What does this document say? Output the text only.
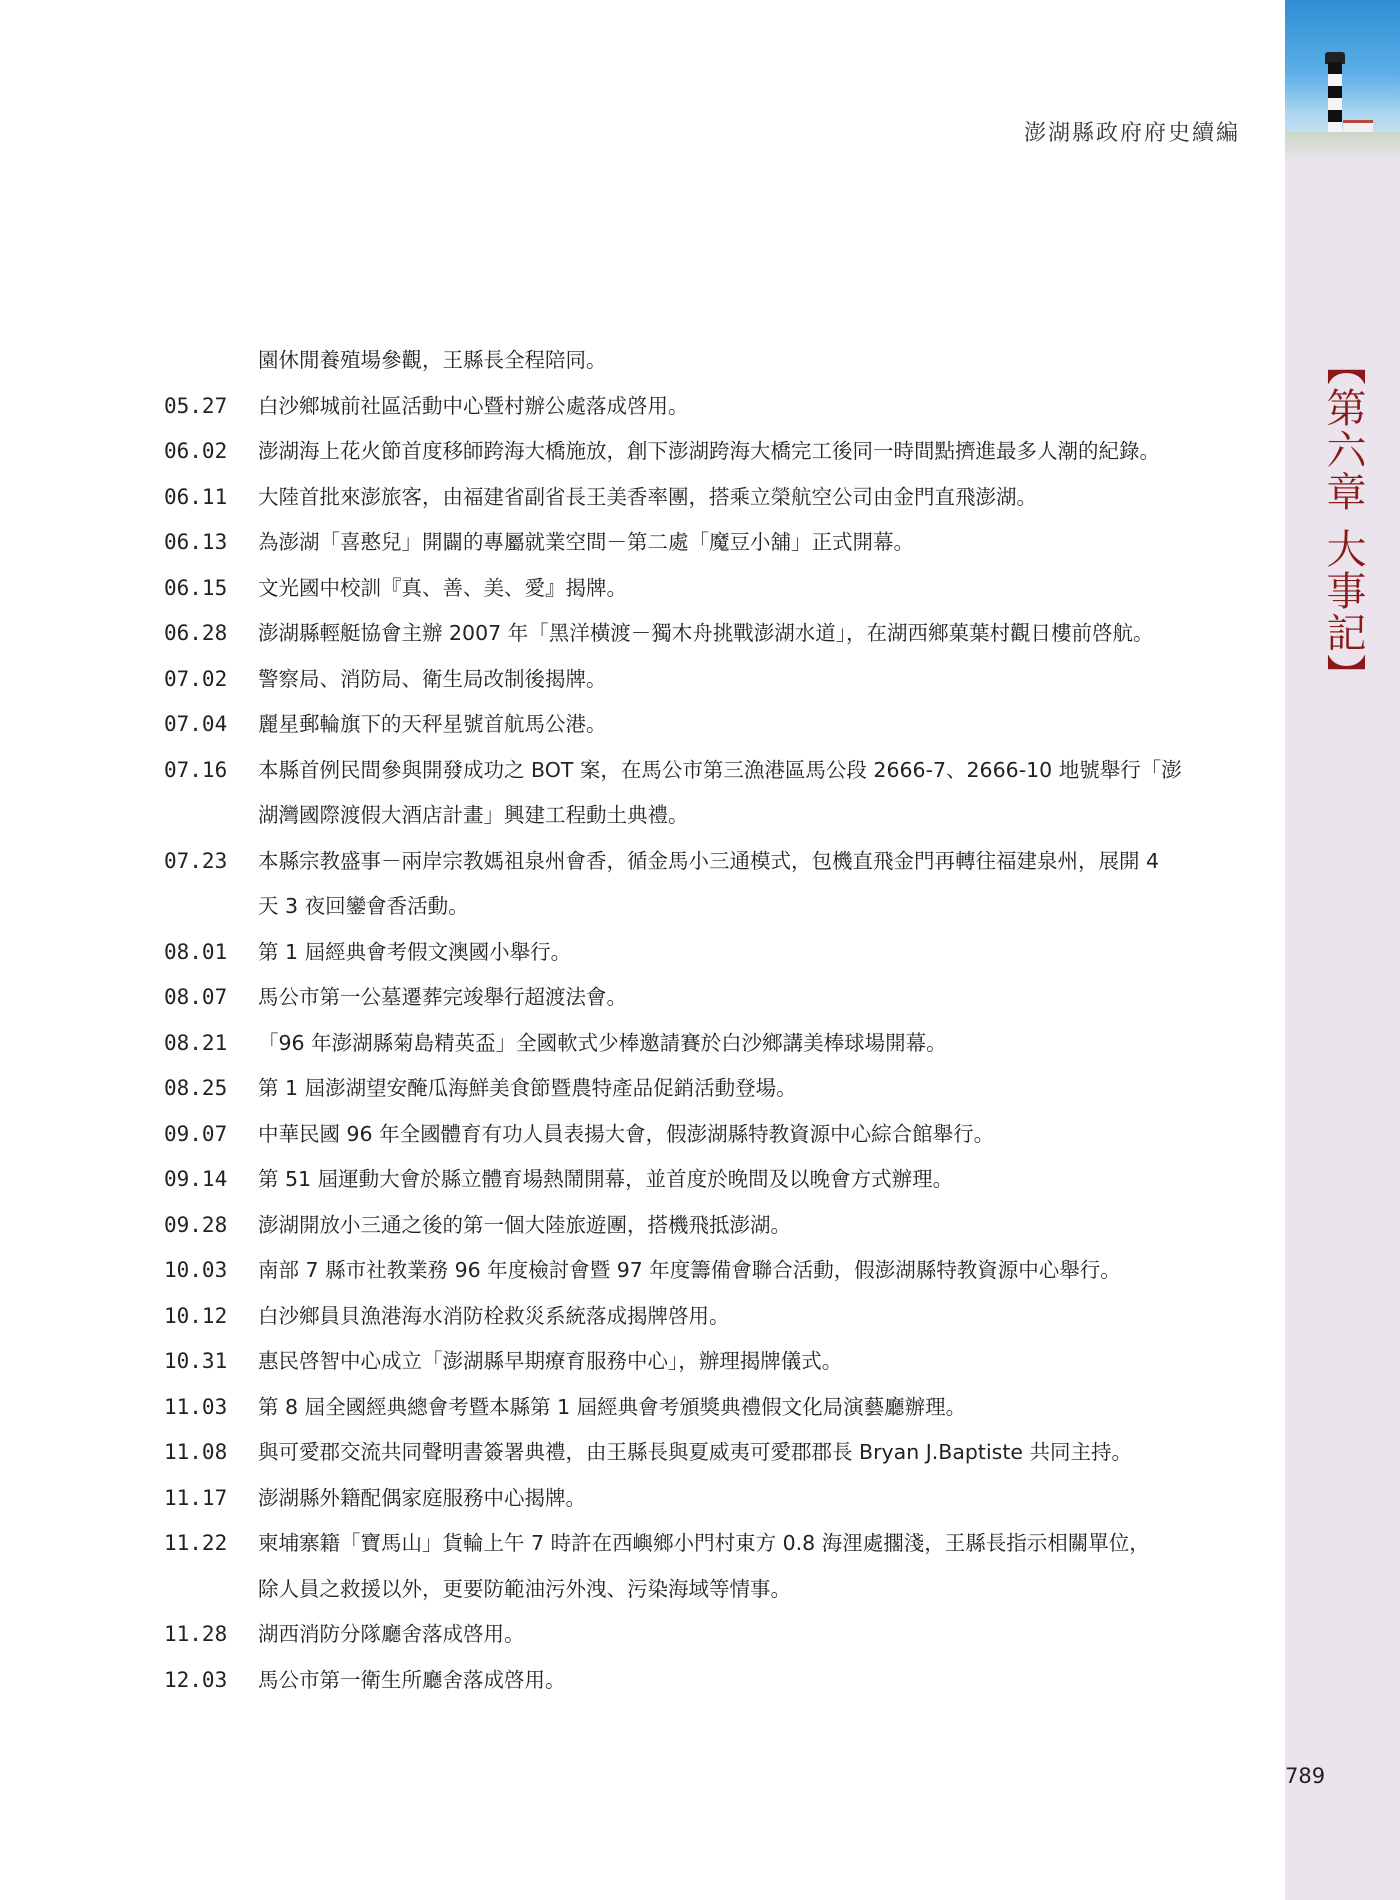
澎湖縣政府府史續編
【第六章 大事記】
園休閒養殖場參觀，王縣長全程陪同。
05.27 白沙鄉城前社區活動中心暨村辦公處落成啓用。
06.02 澎湖海上花火節首度移師跨海大橋施放，創下澎湖跨海大橋完工後同一時間點擠進最多人潮的紀錄。
06.11 大陸首批來澎旅客，由福建省副省長王美香率團，搭乘立榮航空公司由金門直飛澎湖。
06.13 為澎湖「喜憨兒」開闢的專屬就業空間－第二處「魔豆小舖」正式開幕。
06.15 文光國中校訓『真、善、美、愛』揭牌。
06.28 澎湖縣輕艇協會主辦 2007 年「黑洋橫渡－獨木舟挑戰澎湖水道」，在湖西鄉菓葉村觀日樓前啓航。
07.02 警察局、消防局、衛生局改制後揭牌。
07.04 麗星郵輪旗下的天秤星號首航馬公港。
07.16 本縣首例民間參與開發成功之 BOT 案，在馬公市第三漁港區馬公段 2666-7、2666-10 地號舉行「澎
湖灣國際渡假大酒店計畫」興建工程動土典禮。
07.23 本縣宗教盛事－兩岸宗教媽祖泉州會香，循金馬小三通模式，包機直飛金門再轉往福建泉州，展開 4
天 3 夜回鑾會香活動。
08.01 第 1 屆經典會考假文澳國小舉行。
08.07 馬公市第一公墓遷葬完竣舉行超渡法會。
08.21 「96 年澎湖縣菊島精英盃」全國軟式少棒邀請賽於白沙鄉講美棒球場開幕。
08.25 第 1 屆澎湖望安醃瓜海鮮美食節暨農特產品促銷活動登場。
09.07 中華民國 96 年全國體育有功人員表揚大會，假澎湖縣特教資源中心綜合館舉行。
09.14 第 51 屆運動大會於縣立體育場熱鬧開幕，並首度於晚間及以晚會方式辦理。
09.28 澎湖開放小三通之後的第一個大陸旅遊團，搭機飛抵澎湖。
10.03 南部 7 縣市社教業務 96 年度檢討會暨 97 年度籌備會聯合活動，假澎湖縣特教資源中心舉行。
10.12 白沙鄉員貝漁港海水消防栓救災系統落成揭牌啓用。
10.31 惠民啓智中心成立「澎湖縣早期療育服務中心」，辦理揭牌儀式。
11.03 第 8 屆全國經典總會考暨本縣第 1 屆經典會考頒獎典禮假文化局演藝廳辦理。
11.08 與可愛郡交流共同聲明書簽署典禮，由王縣長與夏威夷可愛郡郡長 Bryan J.Baptiste 共同主持。
11.17 澎湖縣外籍配偶家庭服務中心揭牌。
11.22 柬埔寨籍「寶馬山」貨輪上午 7 時許在西嶼鄉小門村東方 0.8 海浬處擱淺，王縣長指示相關單位，
除人員之救援以外，更要防範油污外洩、污染海域等情事。
11.28 湖西消防分隊廳舍落成啓用。
12.03 馬公市第一衛生所廳舍落成啓用。
789
